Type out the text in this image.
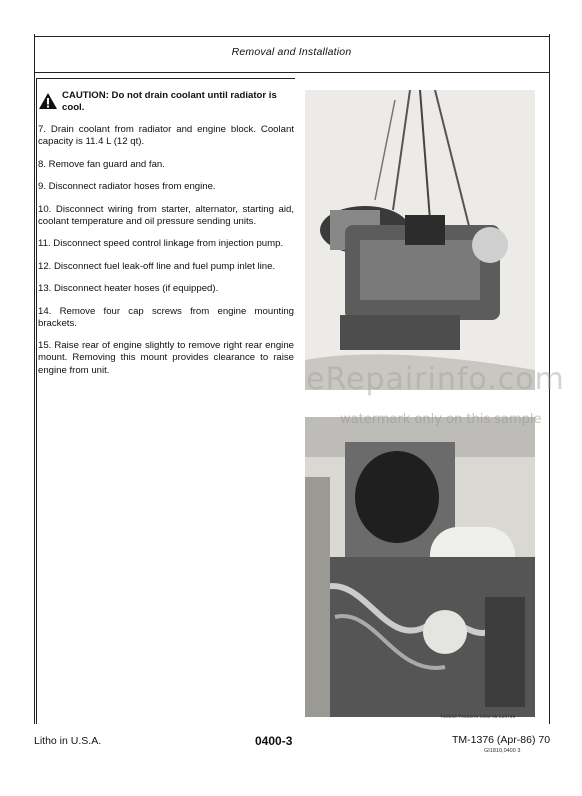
Removal and Installation
CAUTION: Do not drain coolant until radiator is cool.

7. Drain coolant from radiator and engine block. Coolant capacity is 11.4 L (12 qt).

8. Remove fan guard and fan.

9. Disconnect radiator hoses from engine.

10. Disconnect wiring from starter, alternator, starting aid, coolant temperature and oil pressure sending units.

11. Disconnect speed control linkage from injection pump.

12. Disconnect fuel leak-off line and fuel pump inlet line.

13. Disconnect heater hoses (if equipped).

14. Remove four cap screws from engine mounting brackets.

15. Raise rear of engine slightly to remove right rear engine mount. Removing this mount provides clearance to raise engine from unit.

TS0244 T0365AX 0400 05 220786
eRepairinfo.com
watermark only on this sample
Litho in U.S.A.	0400-3	TM-1376 (Apr-86) 70
GI1810,0400 3
